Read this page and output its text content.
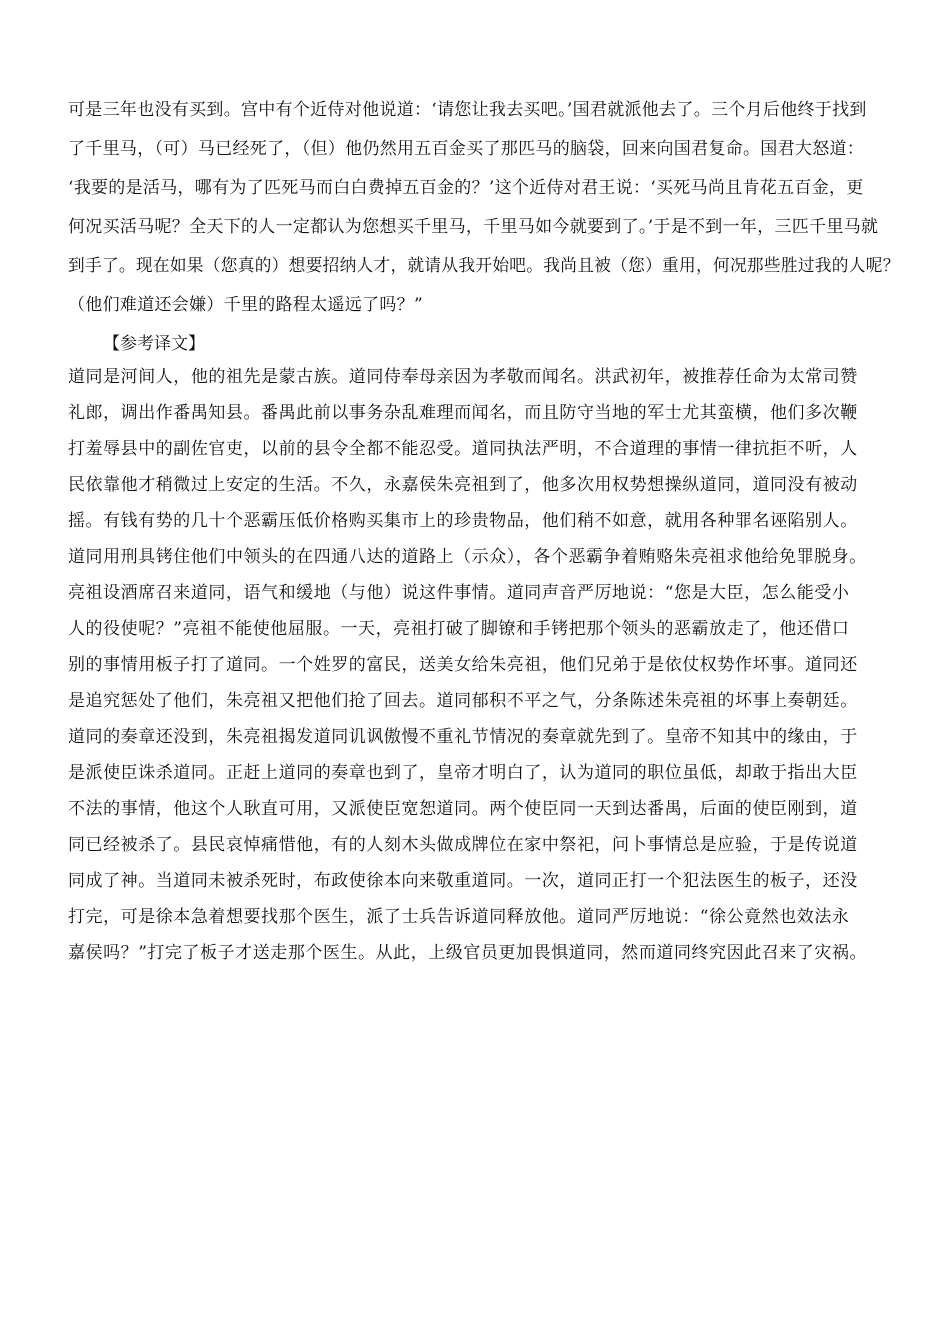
可是三年也没有买到。宫中有个近侍对他说道：‘请您让我去买吧。’国君就派他去了。三个月后他终于找到
了千里马，（可）马已经死了，（但）他仍然用五百金买了那匹马的脑袋，回来向国君复命。国君大怒道：
‘我要的是活马，哪有为了匹死马而白白费掉五百金的？’这个近侍对君王说：‘买死马尚且肯花五百金，更
何况买活马呢？全天下的人一定都认为您想买千里马，千里马如今就要到了。’于是不到一年，三匹千里马就
到手了。现在如果（您真的）想要招纳人才，就请从我开始吧。我尚且被（您）重用，何况那些胜过我的人呢？
（他们难道还会嫌）千里的路程太遥远了吗？”
【参考译文】
道同是河间人，他的祖先是蒙古族。道同侍奉母亲因为孝敬而闻名。洪武初年，被推荐任命为太常司赞
礼郎，调出作番禺知县。番禺此前以事务杂乱难理而闻名，而且防守当地的军士尤其蛮横，他们多次鞭
打羞辱县中的副佐官吏，以前的县令全都不能忍受。道同执法严明，不合道理的事情一律抗拒不听，人
民依靠他才稍微过上安定的生活。不久，永嘉侯朱亮祖到了，他多次用权势想操纵道同，道同没有被动
摇。有钱有势的几十个恶霸压低价格购买集市上的珍贵物品，他们稍不如意，就用各种罪名诬陷别人。
道同用刑具铐住他们中领头的在四通八达的道路上（示众），各个恶霸争着贿赂朱亮祖求他给免罪脱身。
亮祖设酒席召来道同，语气和缓地（与他）说这件事情。道同声音严厉地说：“您是大臣，怎么能受小
人的役使呢？”亮祖不能使他屈服。一天，亮祖打破了脚镣和手铐把那个领头的恶霸放走了，他还借口
别的事情用板子打了道同。一个姓罗的富民，送美女给朱亮祖，他们兄弟于是依仗权势作坏事。道同还
是追究惩处了他们，朱亮祖又把他们抢了回去。道同郁积不平之气，分条陈述朱亮祖的坏事上奏朝廷。
道同的奏章还没到，朱亮祖揭发道同讥讽傲慢不重礼节情况的奏章就先到了。皇帝不知其中的缘由，于
是派使臣诛杀道同。正赶上道同的奏章也到了，皇帝才明白了，认为道同的职位虽低，却敢于指出大臣
不法的事情，他这个人耿直可用，又派使臣宽恕道同。两个使臣同一天到达番禺，后面的使臣刚到，道
同已经被杀了。县民哀悼痛惜他，有的人刻木头做成牌位在家中祭祀，问卜事情总是应验，于是传说道
同成了神。当道同未被杀死时，布政使徐本向来敬重道同。一次，道同正打一个犯法医生的板子，还没
打完，可是徐本急着想要找那个医生，派了士兵告诉道同释放他。道同严厉地说：“徐公竟然也效法永
嘉侯吗？”打完了板子才送走那个医生。从此，上级官员更加畏惧道同，然而道同终究因此召来了灾祸。
